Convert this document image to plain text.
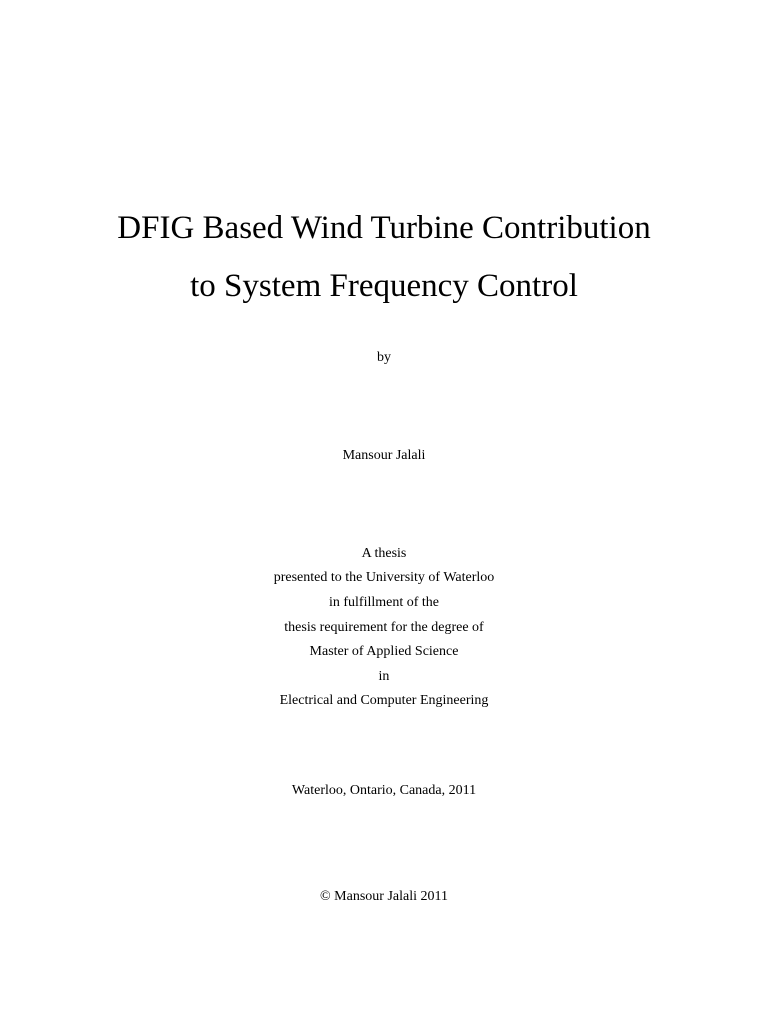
DFIG Based Wind Turbine Contribution
to System Frequency Control
by
Mansour Jalali
A thesis
presented to the University of Waterloo
in fulfillment of the
thesis requirement for the degree of
Master of Applied Science
in
Electrical and Computer Engineering
Waterloo, Ontario, Canada, 2011
© Mansour Jalali 2011
